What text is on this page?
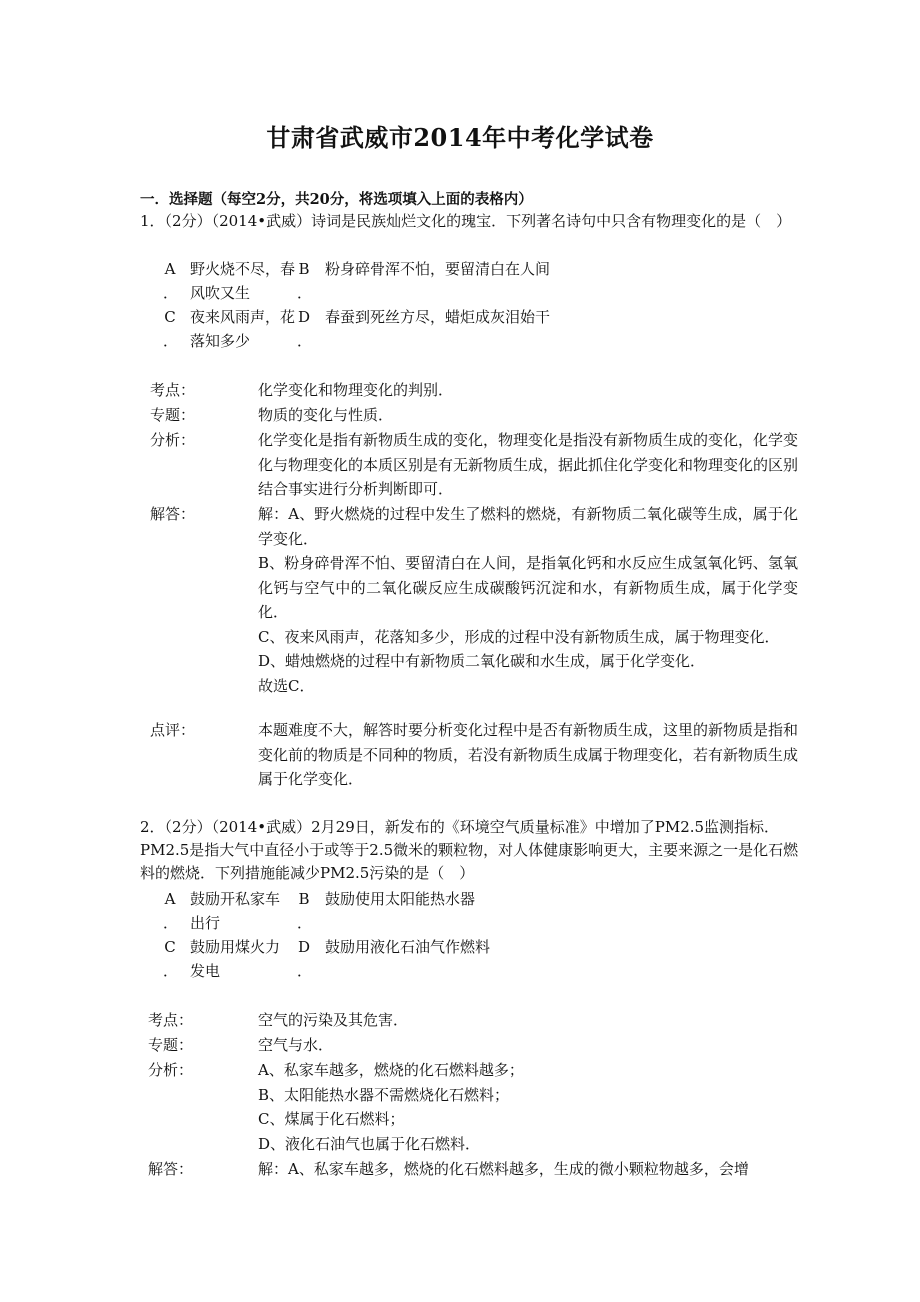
甘肃省武威市2014年中考化学试卷
一．选择题（每空2分，共20分，将选项填入上面的表格内）
1．（2分）（2014•武威）诗词是民族灿烂文化的瑰宝．下列著名诗句中只含有物理变化的是（　）
A 野火烧不尽，春 B 粉身碎骨浑不怕，要留清白在人间
． 风吹又生	．
C 夜来风雨声，花 D 春蚕到死丝方尽，蜡炬成灰泪始干
． 落知多少	．
考点：	化学变化和物理变化的判别．
专题：	物质的变化与性质．
分析：	化学变化是指有新物质生成的变化，物理变化是指没有新物质生成的变化，化学变化与物理变化的本质区别是有无新物质生成，据此抓住化学变化和物理变化的区别结合事实进行分析判断即可．
解答：	解：A、野火燃烧的过程中发生了燃料的燃烧，有新物质二氧化碳等生成，属于化学变化．

B、粉身碎骨浑不怕、要留清白在人间，是指氧化钙和水反应生成氢氧化钙、氢氧化钙与空气中的二氧化碳反应生成碳酸钙沉淀和水，有新物质生成，属于化学变化．

C、夜来风雨声，花落知多少，形成的过程中没有新物质生成，属于物理变化．

D、蜡烛燃烧的过程中有新物质二氧化碳和水生成，属于化学变化．

故选C．

点评：	本题难度不大，解答时要分析变化过程中是否有新物质生成，这里的新物质是指和变化前的物质是不同种的物质，若没有新物质生成属于物理变化，若有新物质生成属于化学变化．
2．（2分）（2014•武威）2月29日，新发布的《环境空气质量标准》中增加了PM2.5监测指标．PM2.5是指大气中直径小于或等于2.5微米的颗粒物，对人体健康影响更大，主要来源之一是化石燃料的燃烧．下列措施能减少PM2.5污染的是（　）
A 鼓励开私家车 B 鼓励使用太阳能热水器
． 出行	．
C 鼓励用煤火力 D 鼓励用液化石油气作燃料
． 发电	．
考点：	空气的污染及其危害．
专题：	空气与水．
分析：	A、私家车越多，燃烧的化石燃料越多；

B、太阳能热水器不需燃烧化石燃料；

C、煤属于化石燃料；

D、液化石油气也属于化石燃料．

解答：	解：A、私家车越多，燃烧的化石燃料越多，生成的微小颗粒物越多，会增
